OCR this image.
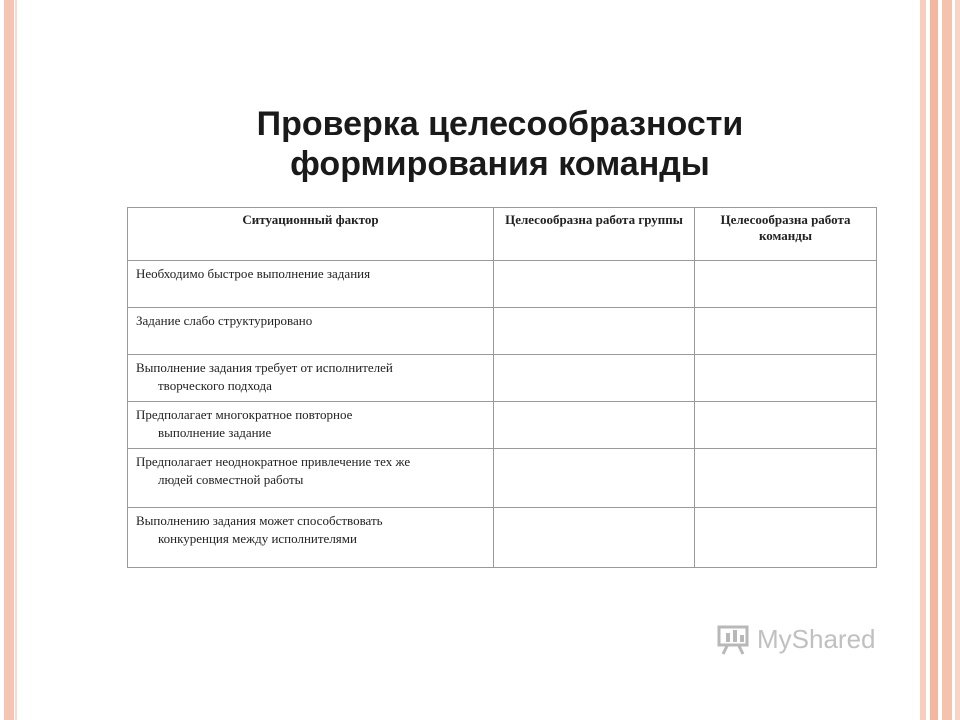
Проверка целесообразности
формирования команды
Ситуационный фактор	Целесообразна работа группы	Целесообразна работа команды
Необходимо быстрое выполнение задания		
Задание слабо структурировано		
Выполнение задания требует от исполнителей
творческого подхода		

Предполагает многократное повторное
выполнение задание		

Предполагает неоднократное привлечение тех же
людей совместной работы		

Выполнению задания может способствовать
конкуренция между исполнителями		

MyShared
